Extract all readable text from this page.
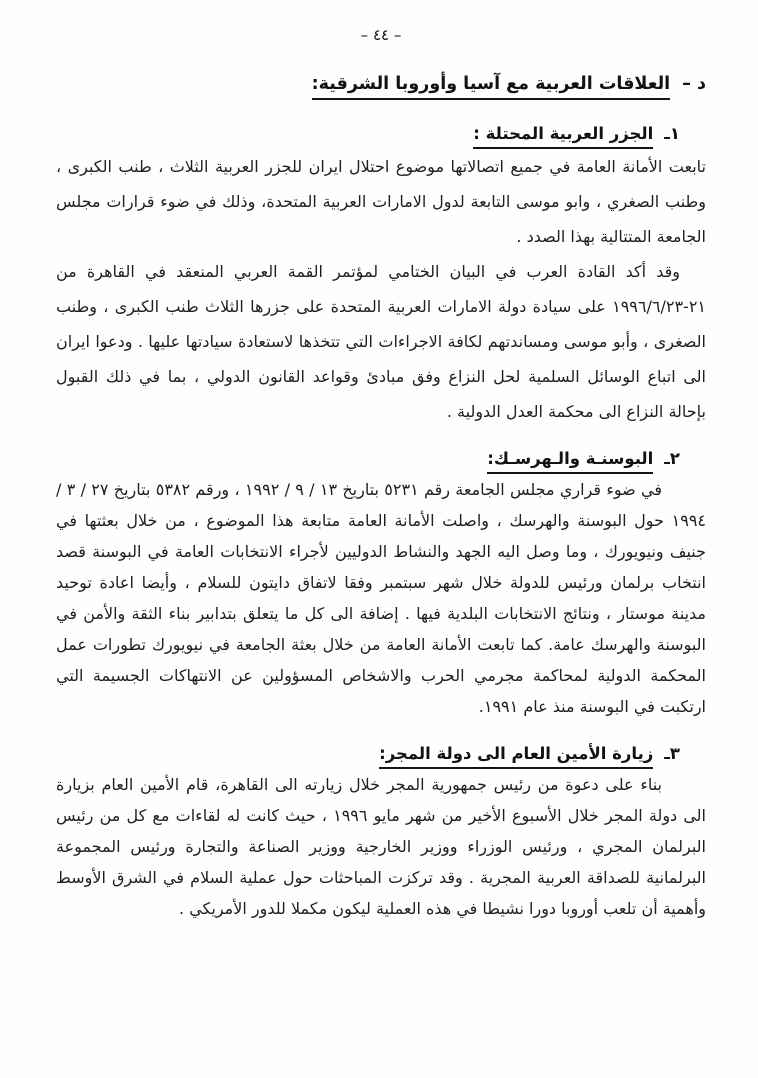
– ٤٤ –
د –العلاقات العربية مع آسيا وأوروبا الشرقية:
١ـالجزر العربية المحتلة :

تابعت الأمانة العامة في جميع اتصالاتها موضوع احتلال ايران للجزر العربية الثلاث ، طنب الكبرى ، وطنب الصغري ، وابو موسى التابعة لدول الامارات العربية المتحدة، وذلك في ضوء قرارات مجلس الجامعة المتتالية بهذا الصدد .

وقد أكد القادة العرب في البيان الختامي لمؤتمر القمة العربي المنعقد في القاهرة من ٢١-١٩٩٦/٦/٢٣ على سيادة دولة الامارات العربية المتحدة على جزرها الثلاث طنب الكبرى ، وطنب الصغرى ، وأبو موسى ومساندتهم لكافة الاجراءات التي تتخذها لاستعادة سيادتها عليها . ودعوا ايران الى اتباع الوسائل السلمية لحل النزاع وفق مبادئ وقواعد القانون الدولي ، بما في ذلك القبول بإحالة النزاع الى محكمة العدل الدولية .

٢ـالبوسنـة والـهرسـك:

في ضوء قراري مجلس الجامعة رقم ٥٢٣١ بتاريخ ١٣ / ٩ / ١٩٩٢ ، ورقم ٥٣٨٢ بتاريخ ٢٧ / ٣ / ١٩٩٤ حول البوسنة والهرسك ، واصلت الأمانة العامة متابعة هذا الموضوع ، من خلال بعثتها في جنيف ونيويورك ، وما وصل اليه الجهد والنشاط الدوليين لأجراء الانتخابات العامة في البوسنة قصد انتخاب برلمان ورئيس للدولة خلال شهر سبتمبر وفقا لاتفاق دايتون للسلام ، وأيضا اعادة توحيد مدينة موستار ، ونتائج الانتخابات البلدية فيها . إضافة الى كل ما يتعلق بتدابير بناء الثقة والأمن في البوسنة والهرسك عامة. كما تابعت الأمانة العامة من خلال بعثة الجامعة في نيويورك تطورات عمل المحكمة الدولية لمحاكمة مجرمي الحرب والاشخاص المسؤولين عن الانتهاكات الجسيمة التي ارتكبت في البوسنة منذ عام ١٩٩١.

٣ـزيارة الأمين العام الى دولة المجر:

بناء على دعوة من رئيس جمهورية المجر خلال زيارته الى القاهرة، قام الأمين العام بزيارة الى دولة المجر خلال الأسبوع الأخير من شهر مايو ١٩٩٦ ، حيث كانت له لقاءات مع كل من رئيس البرلمان المجري ، ورئيس الوزراء ووزير الخارجية ووزير الصناعة والتجارة ورئيس المجموعة البرلمانية للصداقة العربية المجرية . وقد تركزت المباحثات حول عملية السلام في الشرق الأوسط وأهمية أن تلعب أوروبا دورا نشيطا في هذه العملية ليكون مكملا للدور الأمريكي .
